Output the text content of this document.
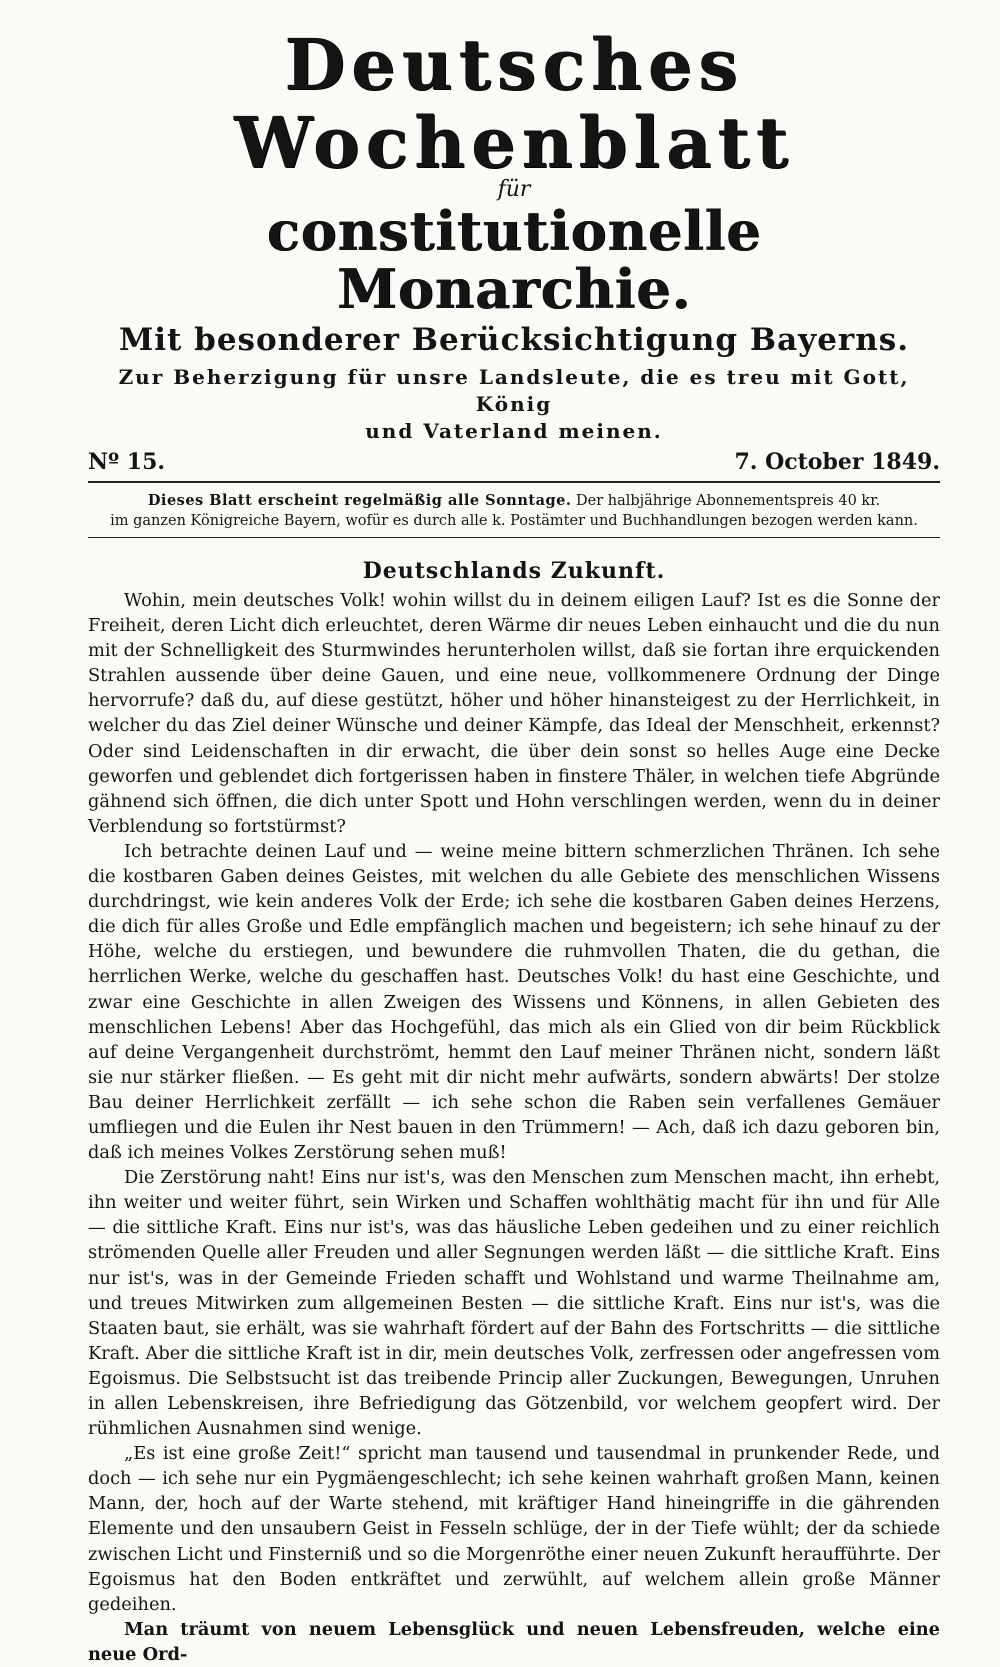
Deutsches Wochenblatt
für
constitutionelle Monarchie.
Mit besonderer Berücksichtigung Bayerns.
Zur Beherzigung für unsre Landsleute, die es treu mit Gott, König
und Vaterland meinen.
Nº 15.	7. October 1849.
Dieses Blatt erscheint regelmäßig alle Sonntage. Der halbjährige Abonnementspreis 40 kr.
im ganzen Königreiche Bayern, wofür es durch alle k. Postämter und Buchhandlungen bezogen werden kann.
Deutschlands Zukunft.

Wohin, mein deutsches Volk! wohin willst du in deinem eiligen Lauf? Ist es die Sonne der Freiheit, deren Licht dich erleuchtet, deren Wärme dir neues Leben einhaucht und die du nun mit der Schnelligkeit des Sturmwindes herunterholen willst, daß sie fortan ihre erquickenden Strahlen aussende über deine Gauen, und eine neue, vollkommenere Ordnung der Dinge hervorrufe? daß du, auf diese gestützt, höher und höher hinansteigest zu der Herrlichkeit, in welcher du das Ziel deiner Wünsche und deiner Kämpfe, das Ideal der Menschheit, erkennst? Oder sind Leidenschaften in dir erwacht, die über dein sonst so helles Auge eine Decke geworfen und geblendet dich fortgerissen haben in finstere Thäler, in welchen tiefe Abgründe gähnend sich öffnen, die dich unter Spott und Hohn verschlingen werden, wenn du in deiner Verblendung so fortstürmst?

Ich betrachte deinen Lauf und — weine meine bittern schmerzlichen Thränen. Ich sehe die kostbaren Gaben deines Geistes, mit welchen du alle Gebiete des menschlichen Wissens durchdringst, wie kein anderes Volk der Erde; ich sehe die kostbaren Gaben deines Herzens, die dich für alles Große und Edle empfänglich machen und begeistern; ich sehe hinauf zu der Höhe, welche du erstiegen, und bewundere die ruhmvollen Thaten, die du gethan, die herrlichen Werke, welche du geschaffen hast. Deutsches Volk! du hast eine Geschichte, und zwar eine Geschichte in allen Zweigen des Wissens und Könnens, in allen Gebieten des menschlichen Lebens! Aber das Hochgefühl, das mich als ein Glied von dir beim Rückblick auf deine Vergangenheit durchströmt, hemmt den Lauf meiner Thränen nicht, sondern läßt sie nur stärker fließen. — Es geht mit dir nicht mehr aufwärts, sondern abwärts! Der stolze Bau deiner Herrlichkeit zerfällt — ich sehe schon die Raben sein verfallenes Gemäuer umfliegen und die Eulen ihr Nest bauen in den Trümmern! — Ach, daß ich dazu geboren bin, daß ich meines Volkes Zerstörung sehen muß!

Die Zerstörung naht! Eins nur ist's, was den Menschen zum Menschen macht, ihn erhebt, ihn weiter und weiter führt, sein Wirken und Schaffen wohlthätig macht für ihn und für Alle — die sittliche Kraft. Eins nur ist's, was das häusliche Leben gedeihen und zu einer reichlich strömenden Quelle aller Freuden und aller Segnungen werden läßt — die sittliche Kraft. Eins nur ist's, was in der Gemeinde Frieden schafft und Wohlstand und warme Theilnahme am, und treues Mitwirken zum allgemeinen Besten — die sittliche Kraft. Eins nur ist's, was die Staaten baut, sie erhält, was sie wahrhaft fördert auf der Bahn des Fortschritts — die sittliche Kraft. Aber die sittliche Kraft ist in dir, mein deutsches Volk, zerfressen oder angefressen vom Egoismus. Die Selbstsucht ist das treibende Princip aller Zuckungen, Bewegungen, Unruhen in allen Lebenskreisen, ihre Befriedigung das Götzenbild, vor welchem geopfert wird. Der rühmlichen Ausnahmen sind wenige.

„Es ist eine große Zeit!“ spricht man tausend und tausendmal in prunkender Rede, und doch — ich sehe nur ein Pygmäengeschlecht; ich sehe keinen wahrhaft großen Mann, keinen Mann, der, hoch auf der Warte stehend, mit kräftiger Hand hineingriffe in die gährenden Elemente und den unsaubern Geist in Fesseln schlüge, der in der Tiefe wühlt; der da schiede zwischen Licht und Finsterniß und so die Morgenröthe einer neuen Zukunft heraufführte. Der Egoismus hat den Boden entkräftet und zerwühlt, auf welchem allein große Männer gedeihen.

Man träumt von neuem Lebensglück und neuen Lebensfreuden, welche eine neue Ord-
